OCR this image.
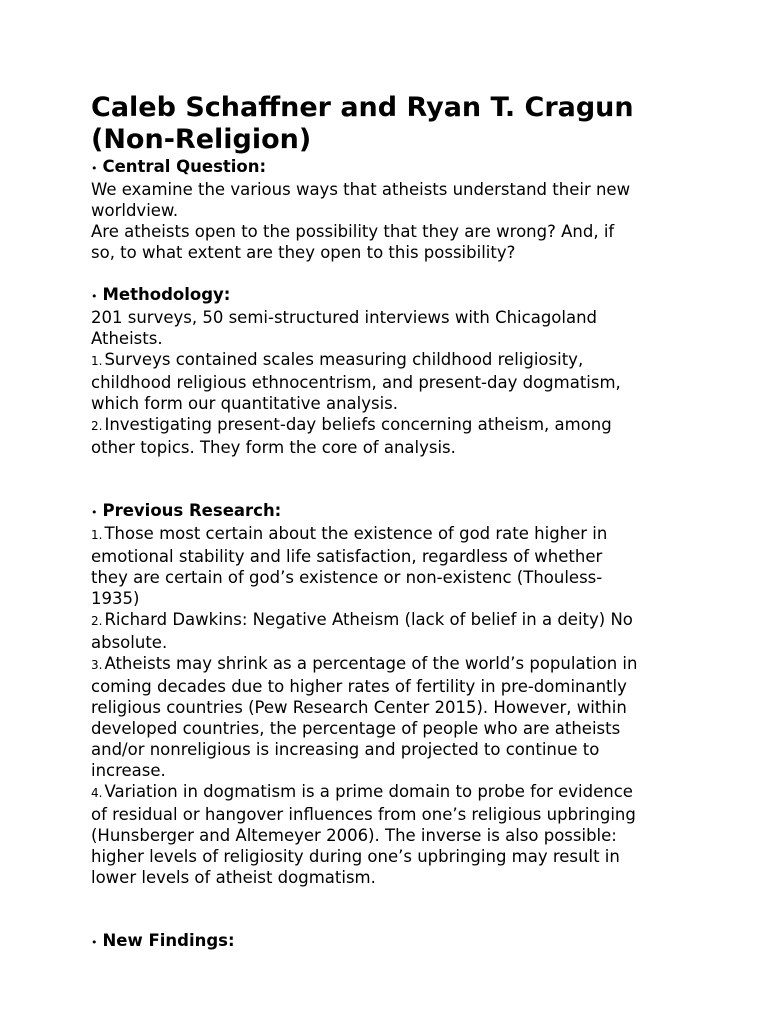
Caleb Schaffner and Ryan T. Cragun
(Non-Religion)

• Central Question:

We examine the various ways that atheists understand their new

worldview.

Are atheists open to the possibility that they are wrong? And, if

so, to what extent are they open to this possibility?

• Methodology:

201 surveys, 50 semi-structured interviews with Chicagoland

Atheists.

1. Surveys contained scales measuring childhood religiosity,

childhood religious ethnocentrism, and present-day dogmatism,

which form our quantitative analysis.

2. Investigating present-day beliefs concerning atheism, among

other topics. They form the core of analysis.

• Previous Research:

1. Those most certain about the existence of god rate higher in

emotional stability and life satisfaction, regardless of whether

they are certain of god’s existence or non-existenc (Thouless-

1935)

2. Richard Dawkins: Negative Atheism (lack of belief in a deity) No

absolute.

3. Atheists may shrink as a percentage of the world’s population in

coming decades due to higher rates of fertility in pre-dominantly

religious countries (Pew Research Center 2015). However, within

developed countries, the percentage of people who are atheists

and/or nonreligious is increasing and projected to continue to

increase.

4. Variation in dogmatism is a prime domain to probe for evidence

of residual or hangover influences from one’s religious upbringing

(Hunsberger and Altemeyer 2006). The inverse is also possible:

higher levels of religiosity during one’s upbringing may result in

lower levels of atheist dogmatism.

• New Findings:
